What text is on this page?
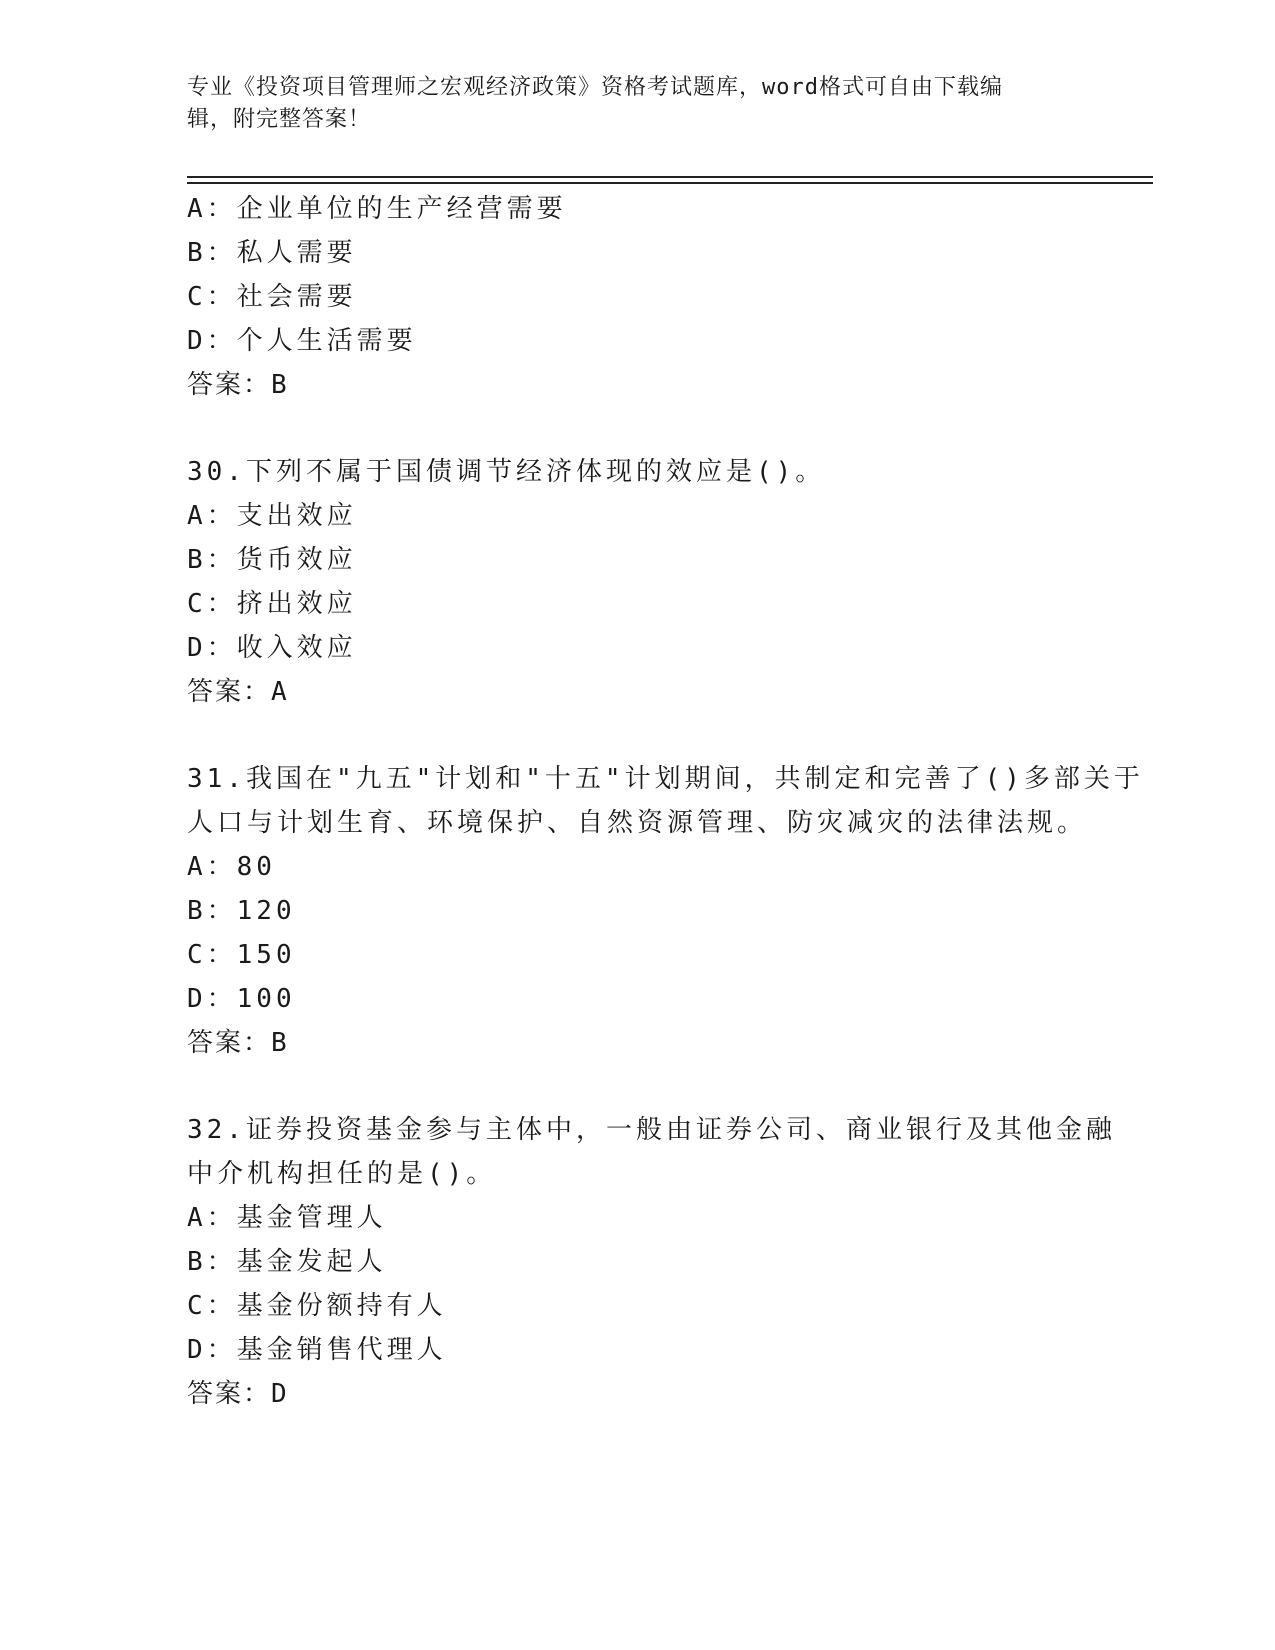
专业《投资项目管理师之宏观经济政策》资格考试题库，word格式可自由下载编
辑，附完整答案！
A：企业单位的生产经营需要
B：私人需要
C：社会需要
D：个人生活需要
答案：B
30.下列不属于国债调节经济体现的效应是()。
A：支出效应
B：货币效应
C：挤出效应
D：收入效应
答案：A
31.我国在"九五"计划和"十五"计划期间，共制定和完善了()多部关于
人口与计划生育、环境保护、自然资源管理、防灾减灾的法律法规。
A：80
B：120
C：150
D：100
答案：B
32.证券投资基金参与主体中，一般由证券公司、商业银行及其他金融
中介机构担任的是()。
A：基金管理人
B：基金发起人
C：基金份额持有人
D：基金销售代理人
答案：D
